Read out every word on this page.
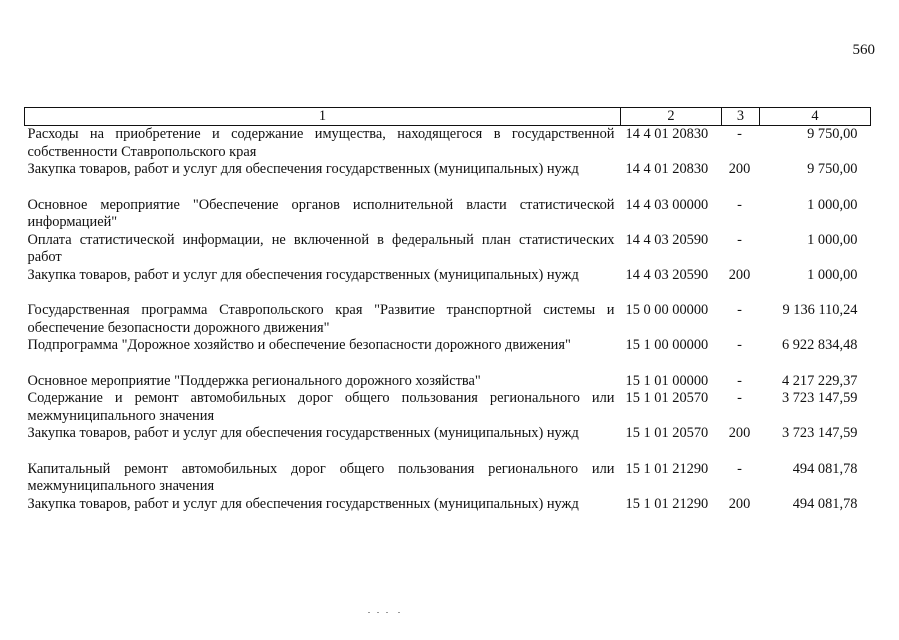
560
1	2	3	4
Расходы на приобретение и содержание имущества, находящегося в государственной собственности Ставропольского края	14 4 01 20830	-	9 750,00
Закупка товаров, работ и услуг для обеспечения государственных (муниципальных) нужд	14 4 01 20830	200	9 750,00

Основное мероприятие "Обеспечение органов исполнительной власти статистической информацией"	14 4 03 00000	-	1 000,00
Оплата статистической информации, не включенной в федеральный план статистических работ	14 4 03 20590	-	1 000,00
Закупка товаров, работ и услуг для обеспечения государственных (муниципальных) нужд	14 4 03 20590	200	1 000,00

Государственная программа Ставропольского края "Развитие транспортной системы и обеспечение безопасности дорожного движения"	15 0 00 00000	-	9 136 110,24
Подпрограмма "Дорожное хозяйство и обеспечение безопасности дорожного движения"	15 1 00 00000	-	6 922 834,48

Основное мероприятие "Поддержка регионального дорожного хозяйства"	15 1 01 00000	-	4 217 229,37
Содержание и ремонт автомобильных дорог общего пользования регионального или межмуниципального значения	15 1 01 20570	-	3 723 147,59
Закупка товаров, работ и услуг для обеспечения государственных (муниципальных) нужд	15 1 01 20570	200	3 723 147,59

Капитальный ремонт автомобильных дорог общего пользования регионального или межмуниципального значения	15 1 01 21290	-	494 081,78
Закупка товаров, работ и услуг для обеспечения государственных (муниципальных) нужд	15 1 01 21290	200	494 081,78
